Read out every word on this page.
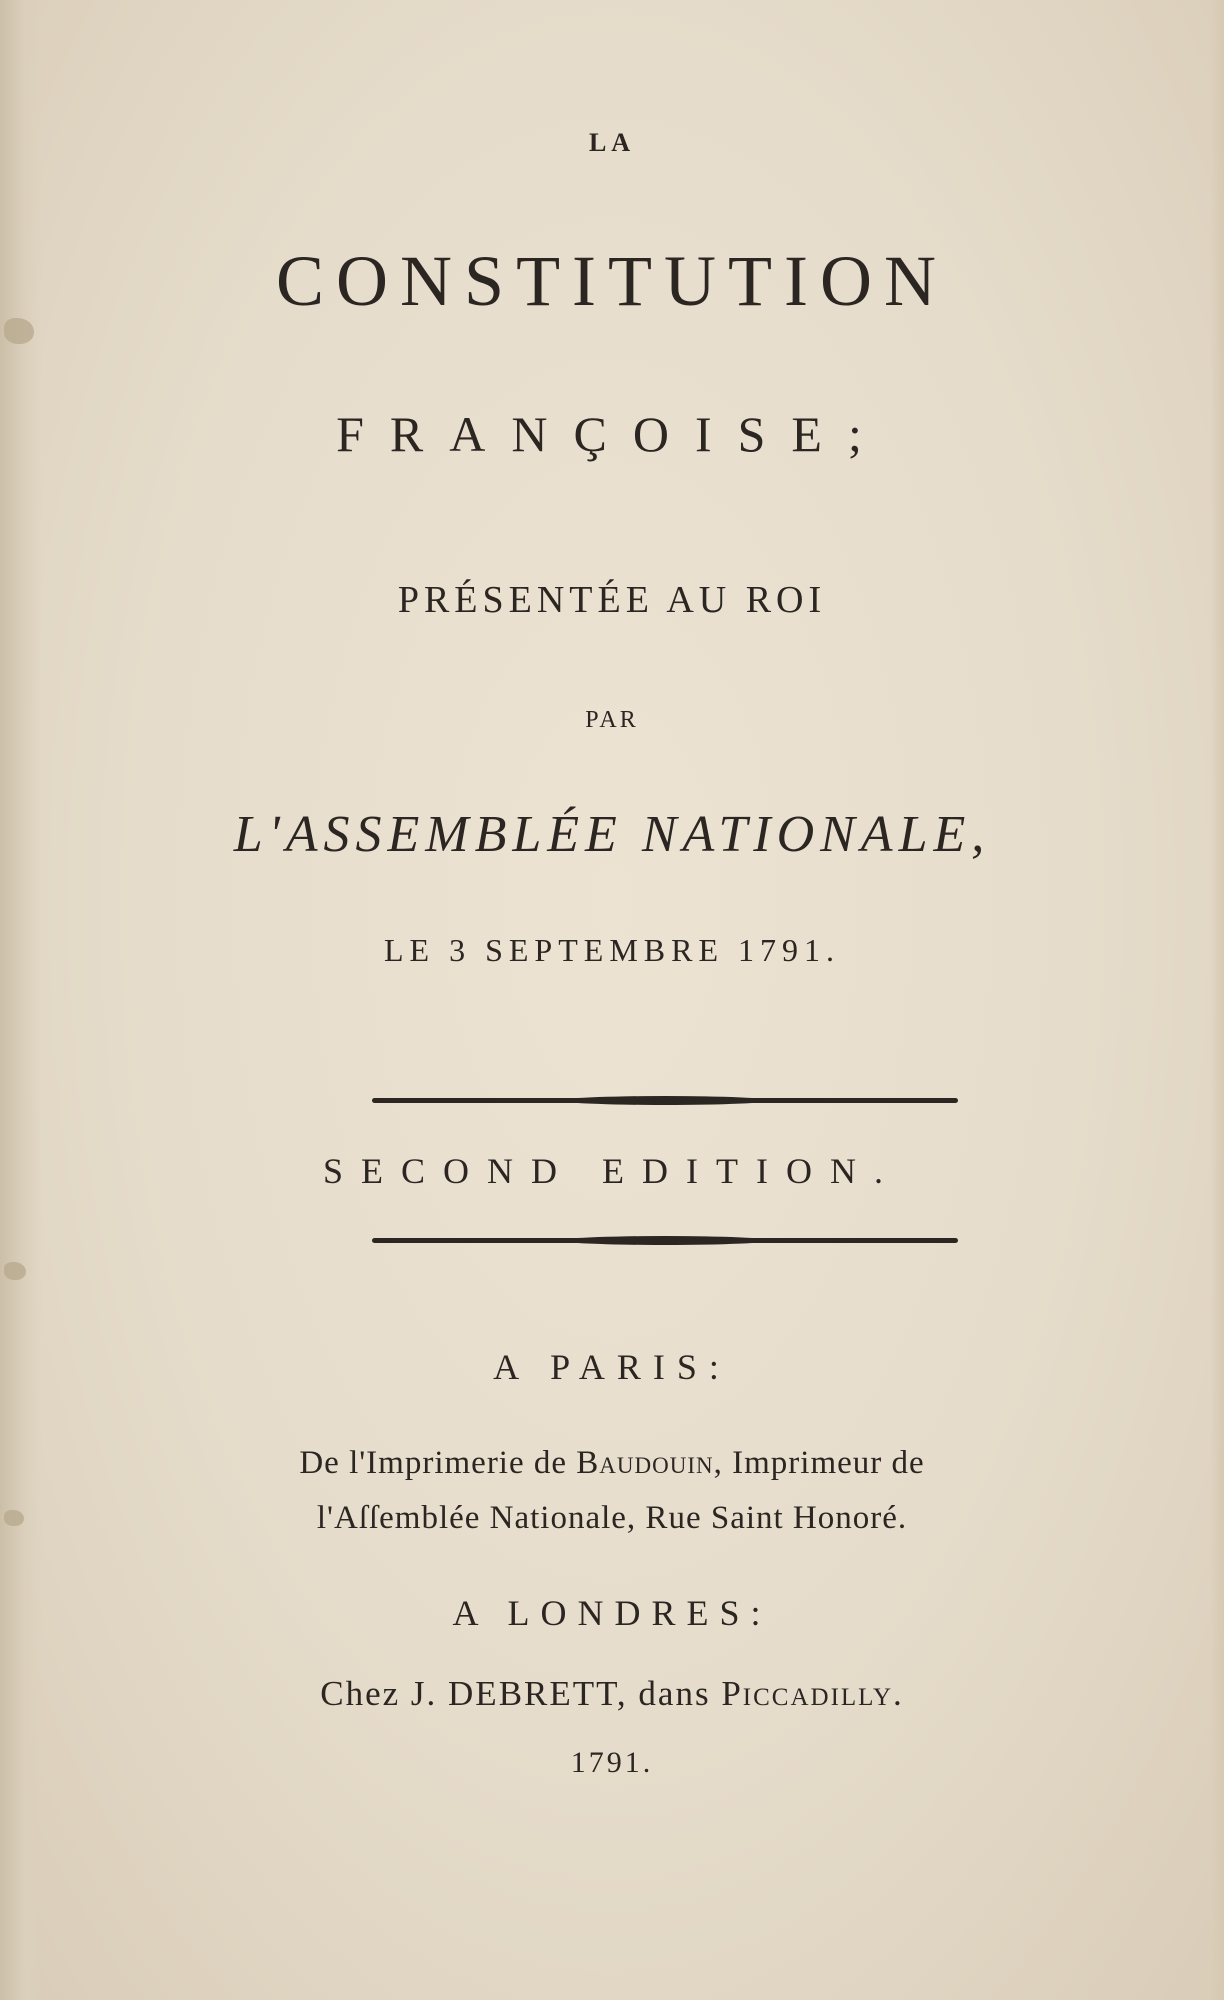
LA

CONSTITUTION

FRANÇOISE;

PRÉSENTÉE AU ROI

PAR

L'ASSEMBLÉE NATIONALE,

LE 3 SEPTEMBRE 1791.

SECOND EDITION.

A PARIS:

De l'Imprimerie de Baudouin, Imprimeur de

l'Aſſemblée Nationale, Rue Saint Honoré.

A LONDRES:

Chez J. DEBRETT, dans Piccadilly.

1791.
